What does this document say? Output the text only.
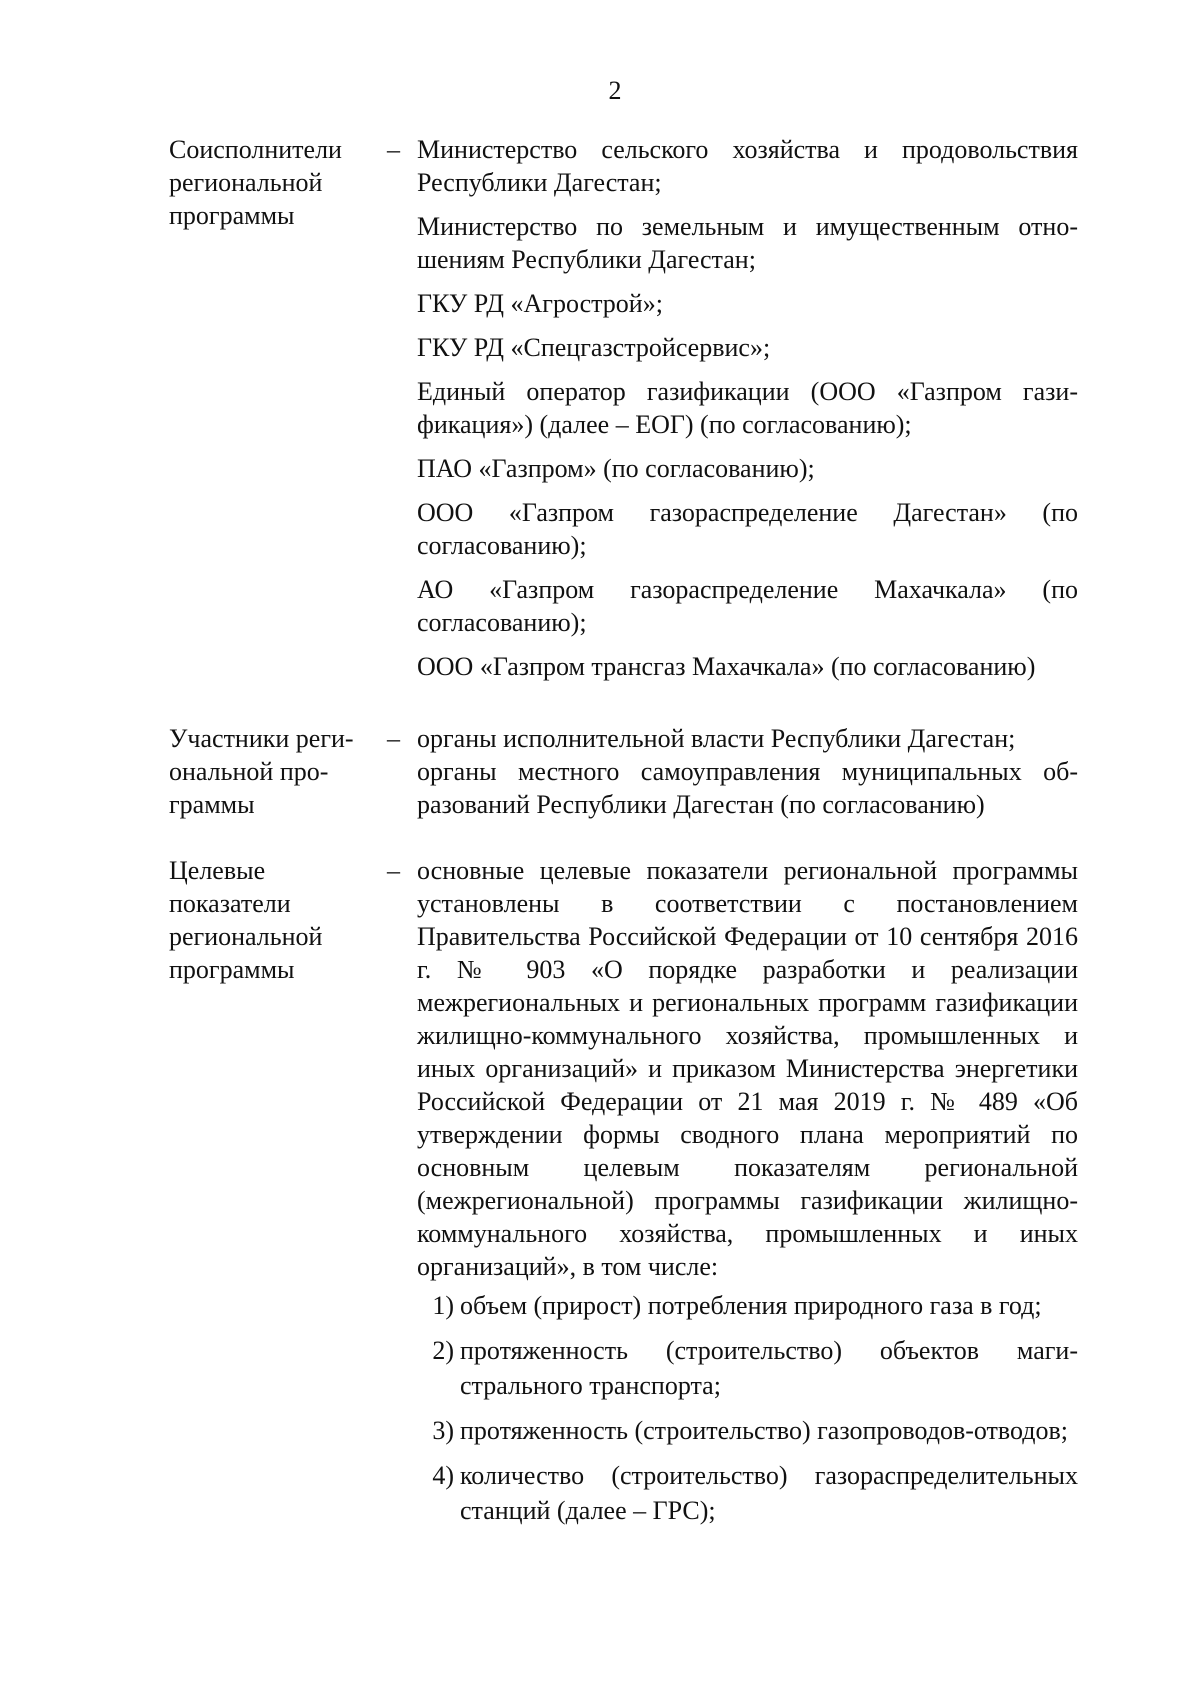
2
Соисполнители региональной программы
– Министерство сельского хозяйства и продовольствия Республики Дагестан;

Министерство по земельным и имущественным отношениям Республики Дагестан;

ГКУ РД «Агрострой»;

ГКУ РД «Спецгазстройсервис»;

Единый оператор газификации (ООО «Газпром газификация») (далее – ЕОГ) (по согласованию);

ПАО «Газпром» (по согласованию);

ООО «Газпром газораспределение Дагестан» (по согласованию);

АО «Газпром газораспределение Махачкала» (по согласованию);

ООО «Газпром трансгаз Махачкала» (по согласованию)

Участники региональной программы
– органы исполнительной власти Республики Дагестан;

органы местного самоуправления муниципальных образований Республики Дагестан (по согласованию)

Целевые показатели региональной программы
– основные целевые показатели региональной программы установлены в соответствии с постановлением Правительства Российской Федерации от 10 сентября 2016 г. № 903 «О порядке разработки и реализации межрегиональных и региональных программ газификации жилищно-коммунального хозяйства, промышленных и иных организаций» и приказом Министерства энергетики Российской Федерации от 21 мая 2019 г. № 489 «Об утверждении формы сводного плана мероприятий по основным целевым показателям региональной (межрегиональной) программы газификации жилищно-коммунального хозяйства, промышленных и иных организаций», в том числе:

1) объем (прирост) потребления природного газа в год;
2) протяженность (строительство) объектов магистрального транспорта;
3) протяженность (строительство) газопроводов-отводов;
4) количество (строительство) газораспределительных станций (далее – ГРС);
